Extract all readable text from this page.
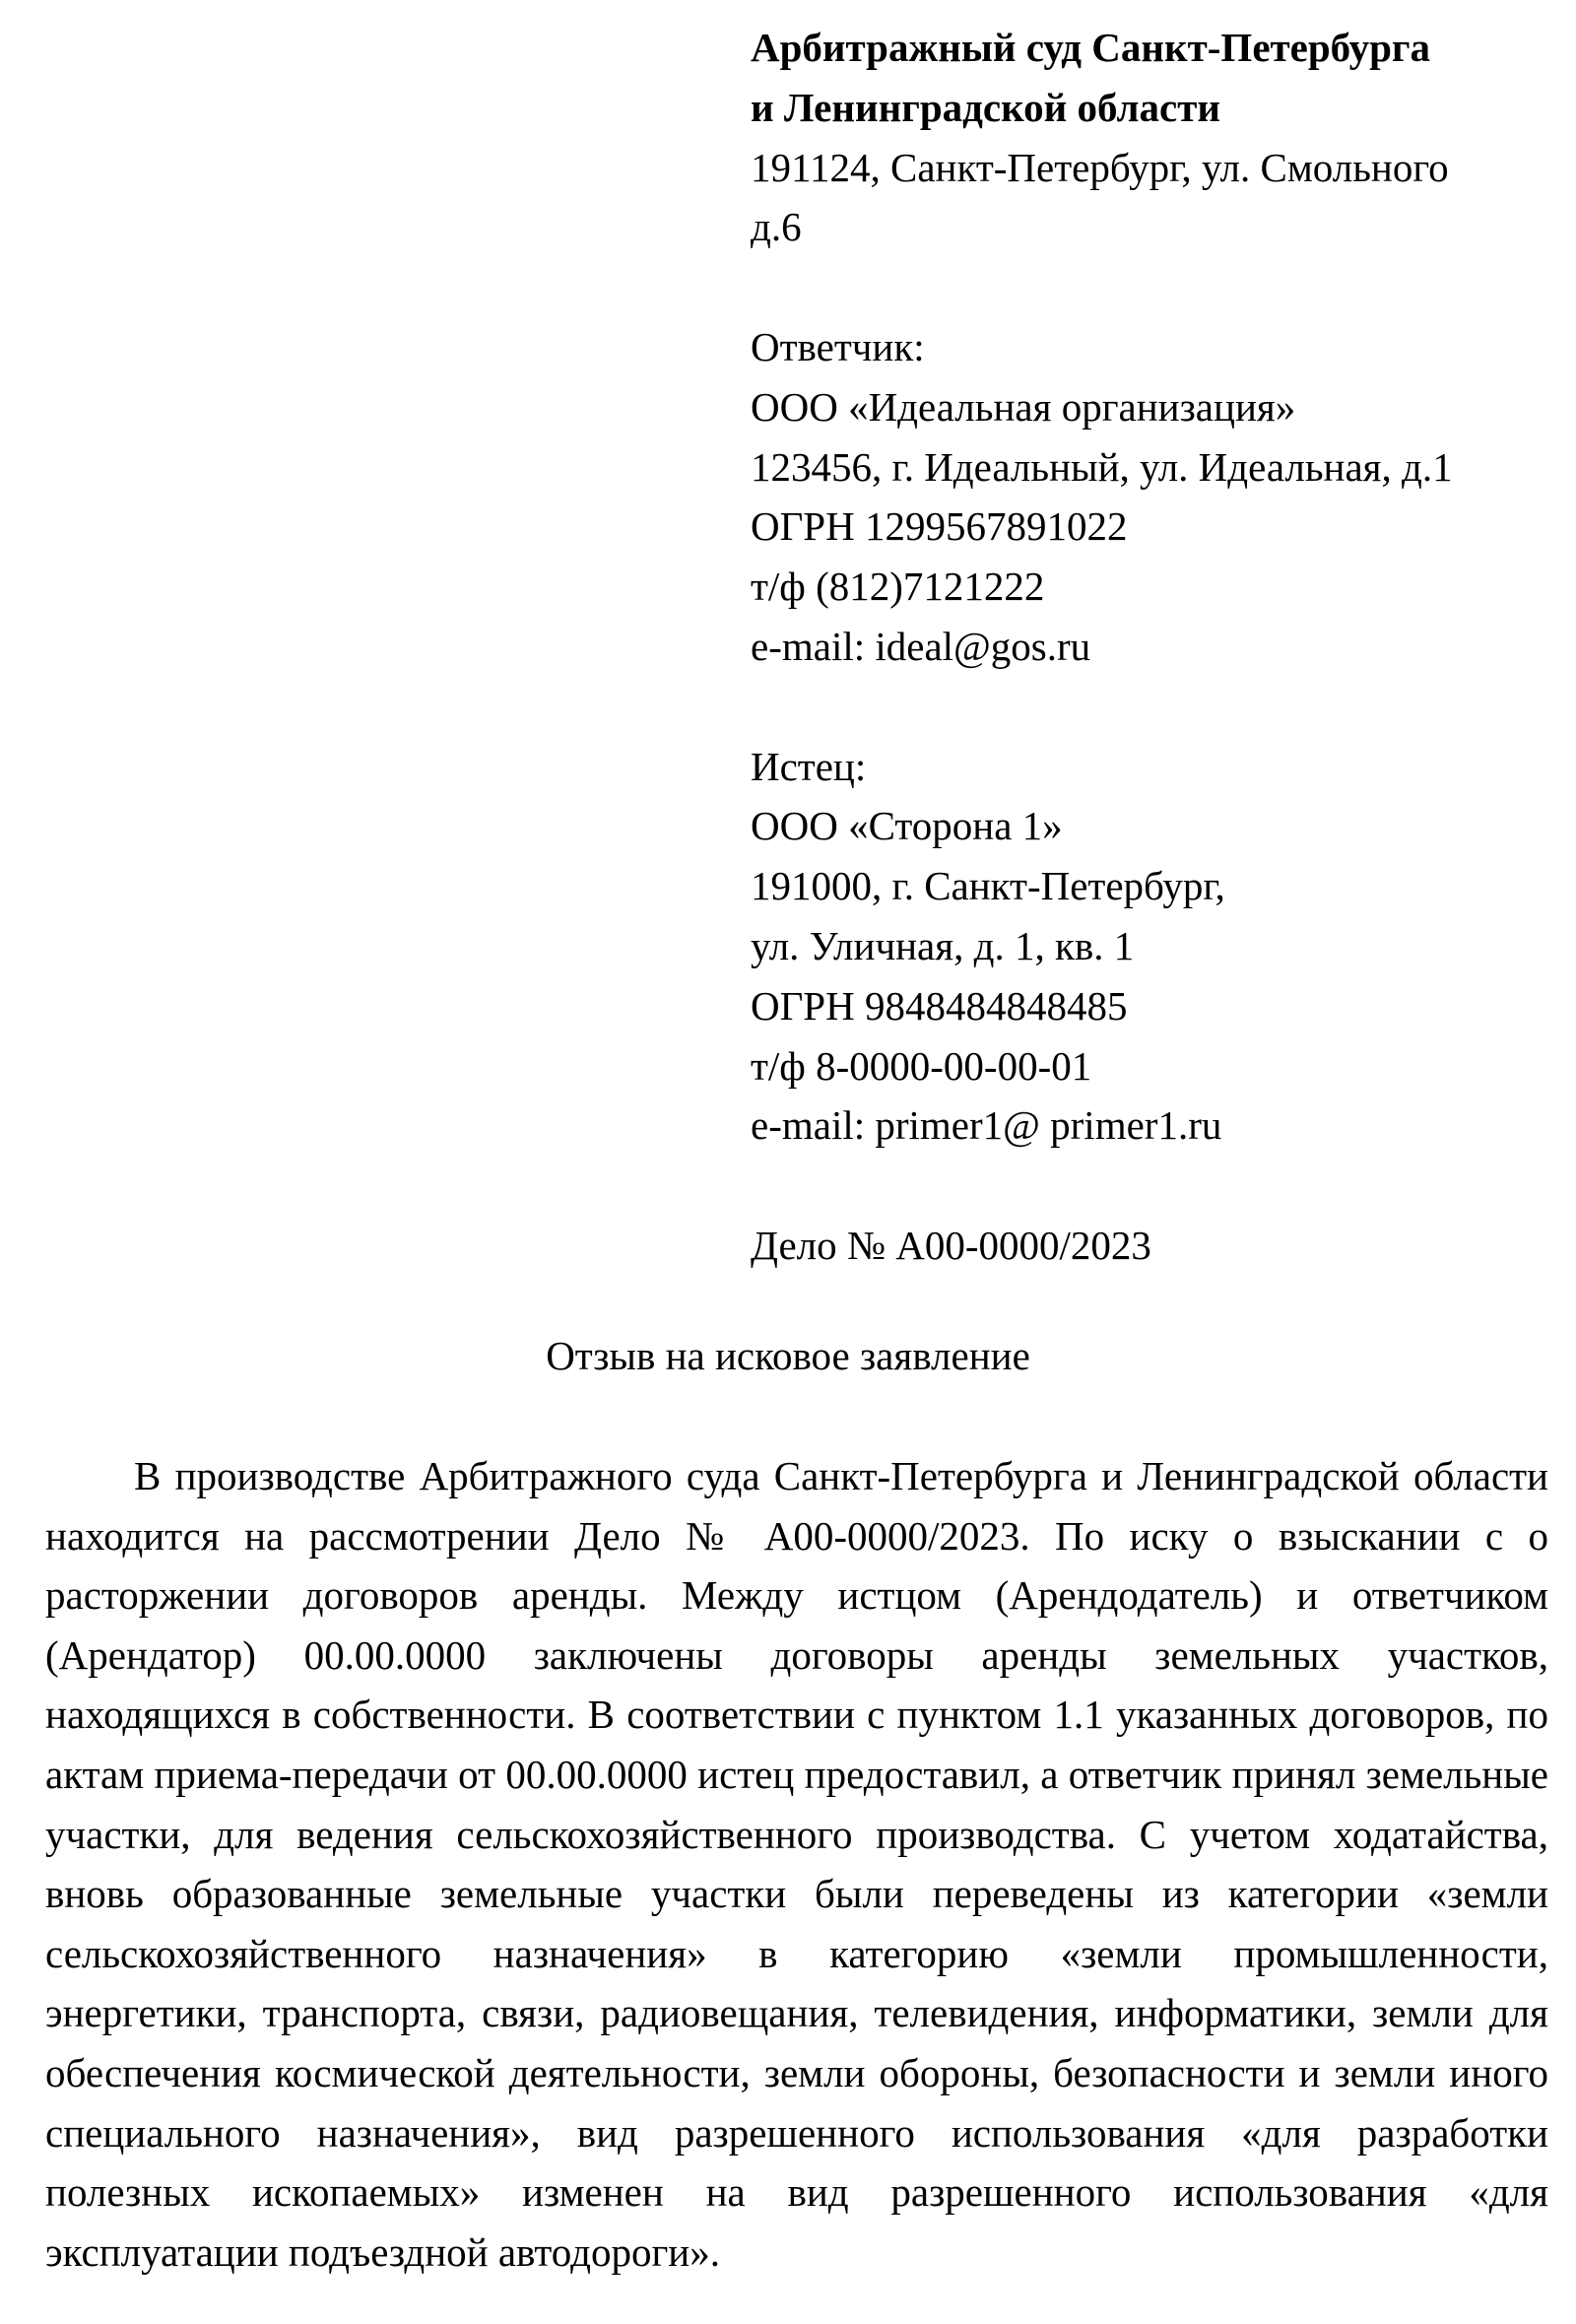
Арбитражный суд Санкт-Петербурга
и Ленинградской области
191124, Санкт-Петербург, ул. Смольного
д.6
Ответчик:
ООО «Идеальная организация»
123456, г. Идеальный, ул. Идеальная, д.1
ОГРН 1299567891022
т/ф (812)7121222
e-mail: ideal@gos.ru
Истец:
ООО «Сторона 1»
191000, г. Санкт-Петербург,
ул. Уличная, д. 1, кв. 1
ОГРН 9848484848485
т/ф 8-0000-00-00-01
e-mail: primer1@ primer1.ru
Дело № А00-0000/2023
Отзыв на исковое заявление

В производстве Арбитражного суда Санкт-Петербурга и Ленинградской области находится на рассмотрении Дело № А00-0000/2023. По иску о взыскании с о расторжении договоров аренды. Между истцом (Арендодатель) и ответчиком (Арендатор) 00.00.0000 заключены договоры аренды земельных участков, находящихся в собственности. В соответствии с пунктом 1.1 указанных договоров, по актам приема-передачи от 00.00.0000 истец предоставил, а ответчик принял земельные участки, для ведения сельскохозяйственного производства. С учетом ходатайства, вновь образованные земельные участки были переведены из категории «земли сельскохозяйственного назначения» в категорию «земли промышленности, энергетики, транспорта, связи, радиовещания, телевидения, информатики, земли для обеспечения космической деятельности, земли обороны, безопасности и земли иного специального назначения», вид разрешенного использования «для разработки полезных ископаемых» изменен на вид разрешенного использования «для эксплуатации подъездной автодороги».
